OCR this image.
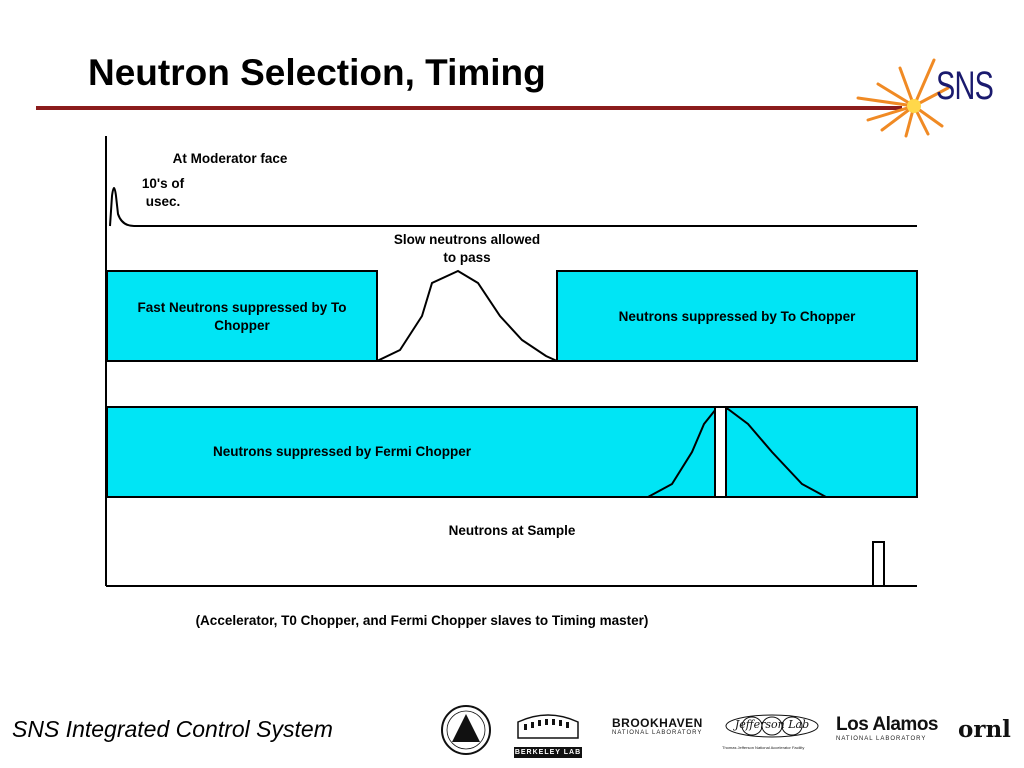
Neutron Selection, Timing	SNS
At Moderator face
10's of
usec.
Slow neutrons allowed
to pass
Fast Neutrons suppressed by To
Chopper
Neutrons suppressed by To Chopper
Neutrons suppressed by Fermi Chopper
Neutrons at Sample
(Accelerator, T0 Chopper, and Fermi Chopper slaves to Timing master)
SNS Integrated Control System
BERKELEY LAB
BROOKHAVEN
NATIONAL LABORATORY
Jefferson Lab
Thomas Jefferson National Accelerator Facility
Los Alamos
NATIONAL LABORATORY	ornl
